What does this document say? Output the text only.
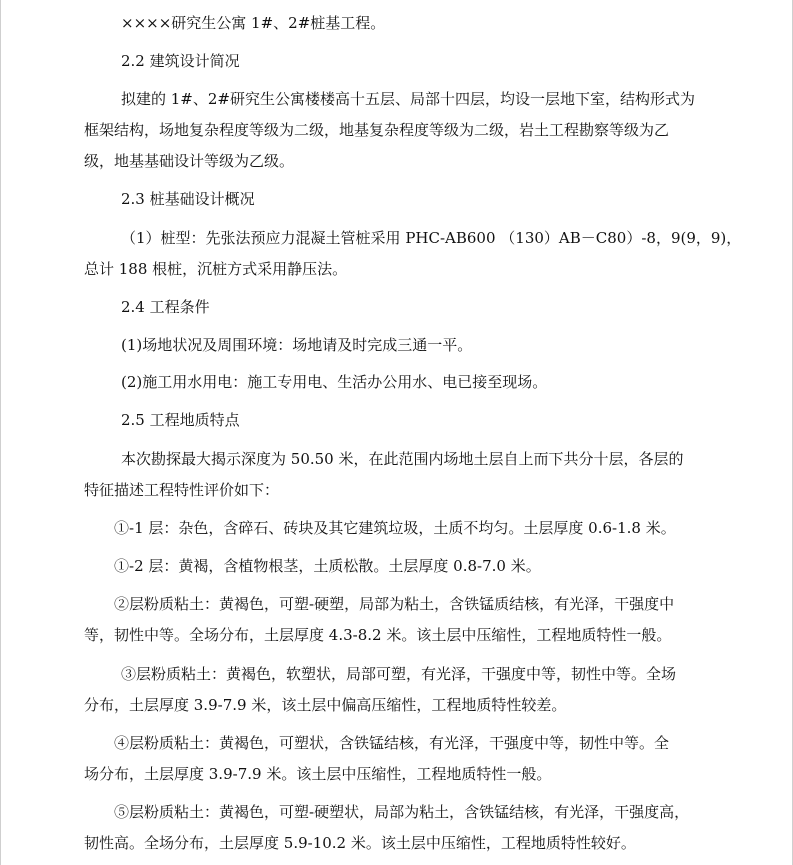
××××研究生公寓 1#、2#桩基工程。
2.2 建筑设计简况
拟建的 1#、2#研究生公寓楼楼高十五层、局部十四层，均设一层地下室，结构形式为
框架结构，场地复杂程度等级为二级，地基复杂程度等级为二级，岩土工程勘察等级为乙
级，地基基础设计等级为乙级。
2.3 桩基础设计概况
（1）桩型：先张法预应力混凝土管桩采用 PHC-AB600 （130）AB－C80）-8，9(9，9)，
总计 188 根桩，沉桩方式采用静压法。
2.4 工程条件
(1)场地状况及周围环境：场地请及时完成三通一平。
(2)施工用水用电：施工专用电、生活办公用水、电已接至现场。
2.5 工程地质特点
本次勘探最大揭示深度为 50.50 米，在此范围内场地土层自上而下共分十层，各层的
特征描述工程特性评价如下：
①-1 层：杂色，含碎石、砖块及其它建筑垃圾，土质不均匀。土层厚度 0.6-1.8 米。
①-2 层：黄褐，含植物根茎，土质松散。土层厚度 0.8-7.0 米。
②层粉质粘土：黄褐色，可塑-硬塑，局部为粘土，含铁锰质结核，有光泽，干强度中
等，韧性中等。全场分布，土层厚度 4.3-8.2 米。该土层中压缩性，工程地质特性一般。
③层粉质粘土：黄褐色，软塑状，局部可塑，有光泽，干强度中等，韧性中等。全场
分布，土层厚度 3.9-7.9 米，该土层中偏高压缩性，工程地质特性较差。
④层粉质粘土：黄褐色，可塑状，含铁锰结核，有光泽，干强度中等，韧性中等。全
场分布，土层厚度 3.9-7.9 米。该土层中压缩性，工程地质特性一般。
⑤层粉质粘土：黄褐色，可塑-硬塑状，局部为粘土，含铁锰结核，有光泽，干强度高，
韧性高。全场分布，土层厚度 5.9-10.2 米。该土层中压缩性，工程地质特性较好。
